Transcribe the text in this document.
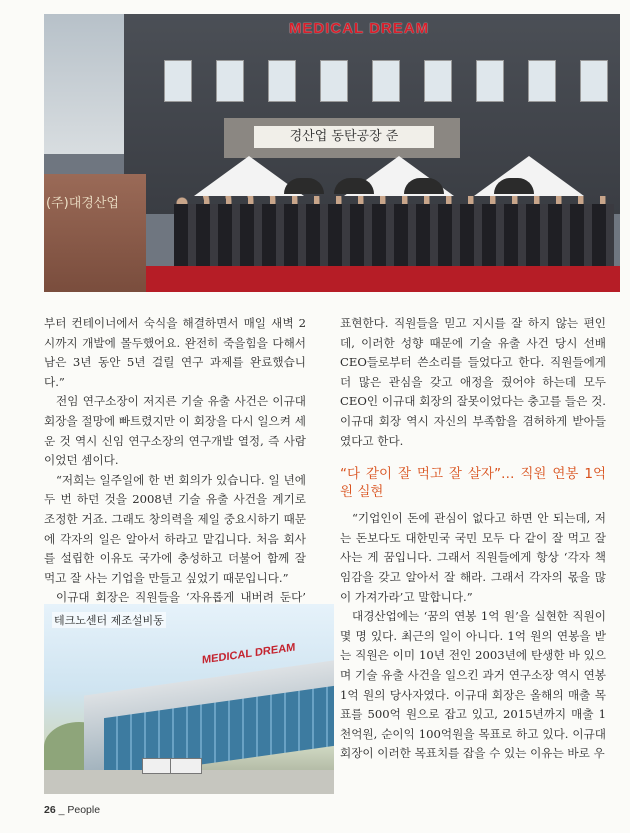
MEDICAL DREAM
경산업 동탄공장 준
(주)대경산업

부터 컨테이너에서 숙식을 해결하면서 매일 새벽 2시까지 개발에 몰두했어요. 완전히 죽을힘을 다해서 남은 3년 동안 5년 걸릴 연구 과제를 완료했습니다.”

전임 연구소장이 저지른 기술 유출 사건은 이규대 회장을 절망에 빠트렸지만 이 회장을 다시 일으켜 세운 것 역시 신임 연구소장의 연구개발 열정, 즉 사람이었던 셈이다.

“저희는 일주일에 한 번 회의가 있습니다. 일 년에 두 번 하던 것을 2008년 기술 유출 사건을 계기로 조정한 거죠. 그래도 창의력을 제일 중요시하기 때문에 각자의 일은 알아서 하라고 맡깁니다. 처음 회사를 설립한 이유도 국가에 충성하고 더불어 함께 잘 먹고 잘 사는 기업을 만들고 싶었기 때문입니다.”

이규대 회장은 직원들을 ‘자유롭게 내버려 둔다’

표현한다. 직원들을 믿고 지시를 잘 하지 않는 편인데, 이러한 성향 때문에 기술 유출 사건 당시 선배 CEO들로부터 쓴소리를 들었다고 한다. 직원들에게 더 많은 관심을 갖고 애정을 줬어야 하는데 모두 CEO인 이규대 회장의 잘못이었다는 충고를 들은 것. 이규대 회장 역시 자신의 부족함을 겸허하게 받아들였다고 한다.

“다 같이 잘 먹고 잘 살자”… 직원 연봉 1억 원 실현

“기업인이 돈에 관심이 없다고 하면 안 되는데, 저는 돈보다도 대한민국 국민 모두 다 같이 잘 먹고 잘 사는 게 꿈입니다. 그래서 직원들에게 항상 ‘각자 책임감을 갖고 알아서 잘 해라. 그래서 각자의 몫을 많이 가져가라’고 말합니다.”

대경산업에는 ‘꿈의 연봉 1억 원’을 실현한 직원이 몇 명 있다. 최근의 일이 아니다. 1억 원의 연봉을 받는 직원은 이미 10년 전인 2003년에 탄생한 바 있으며 기술 유출 사건을 일으킨 과거 연구소장 역시 연봉 1억 원의 당사자였다. 이규대 회장은 올해의 매출 목표를 500억 원으로 잡고 있고, 2015년까지 매출 1천억원, 순이익 100억원을 목표로 하고 있다. 이규대 회장이 이러한 목표치를 잡을 수 있는 이유는 바로 우

MEDICAL DREAM
테크노센터 제조설비동
26 _ People
